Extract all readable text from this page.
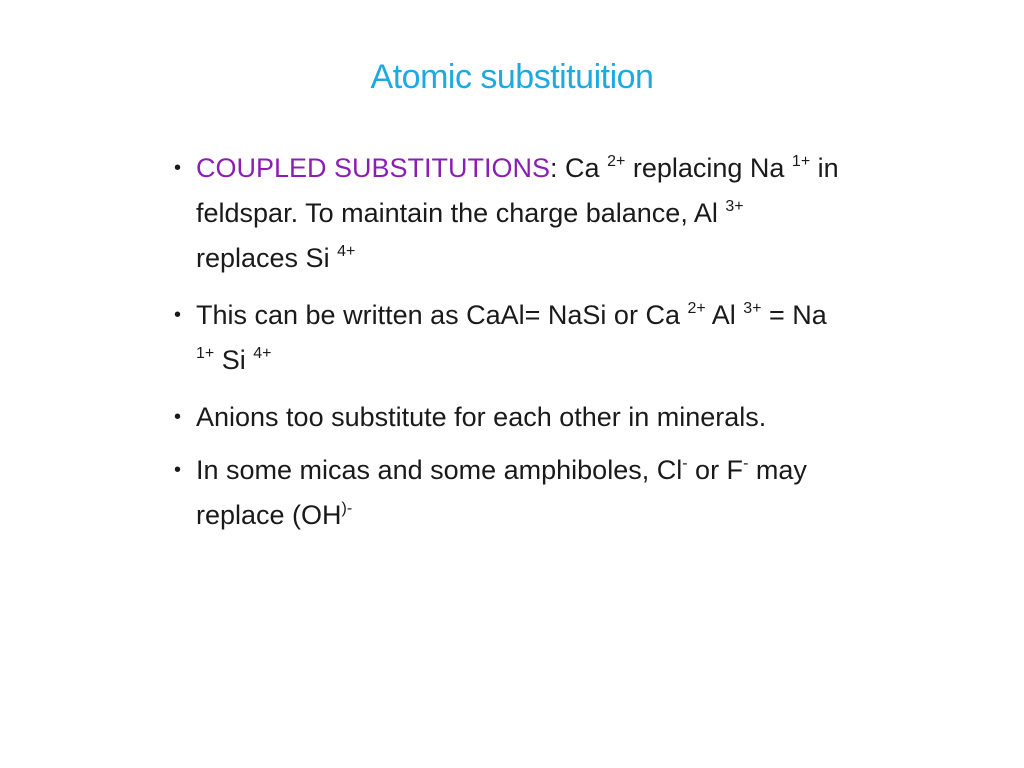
Atomic substituition
• COUPLED SUBSTITUTIONS: Ca $^{2+}$ replacing Na $^{1+}$ in feldspar. To maintain the charge balance, Al $^{3+}$ replaces Si $^{4+}$
• This can be written as CaAl= NaSi or Ca $^{2+}$ Al $^{3+}$ = Na $^{1+}$ Si $^{4+}$
• Anions too substitute for each other in minerals.
• In some micas and some amphiboles, Cl- or F- may replace (OH)-
